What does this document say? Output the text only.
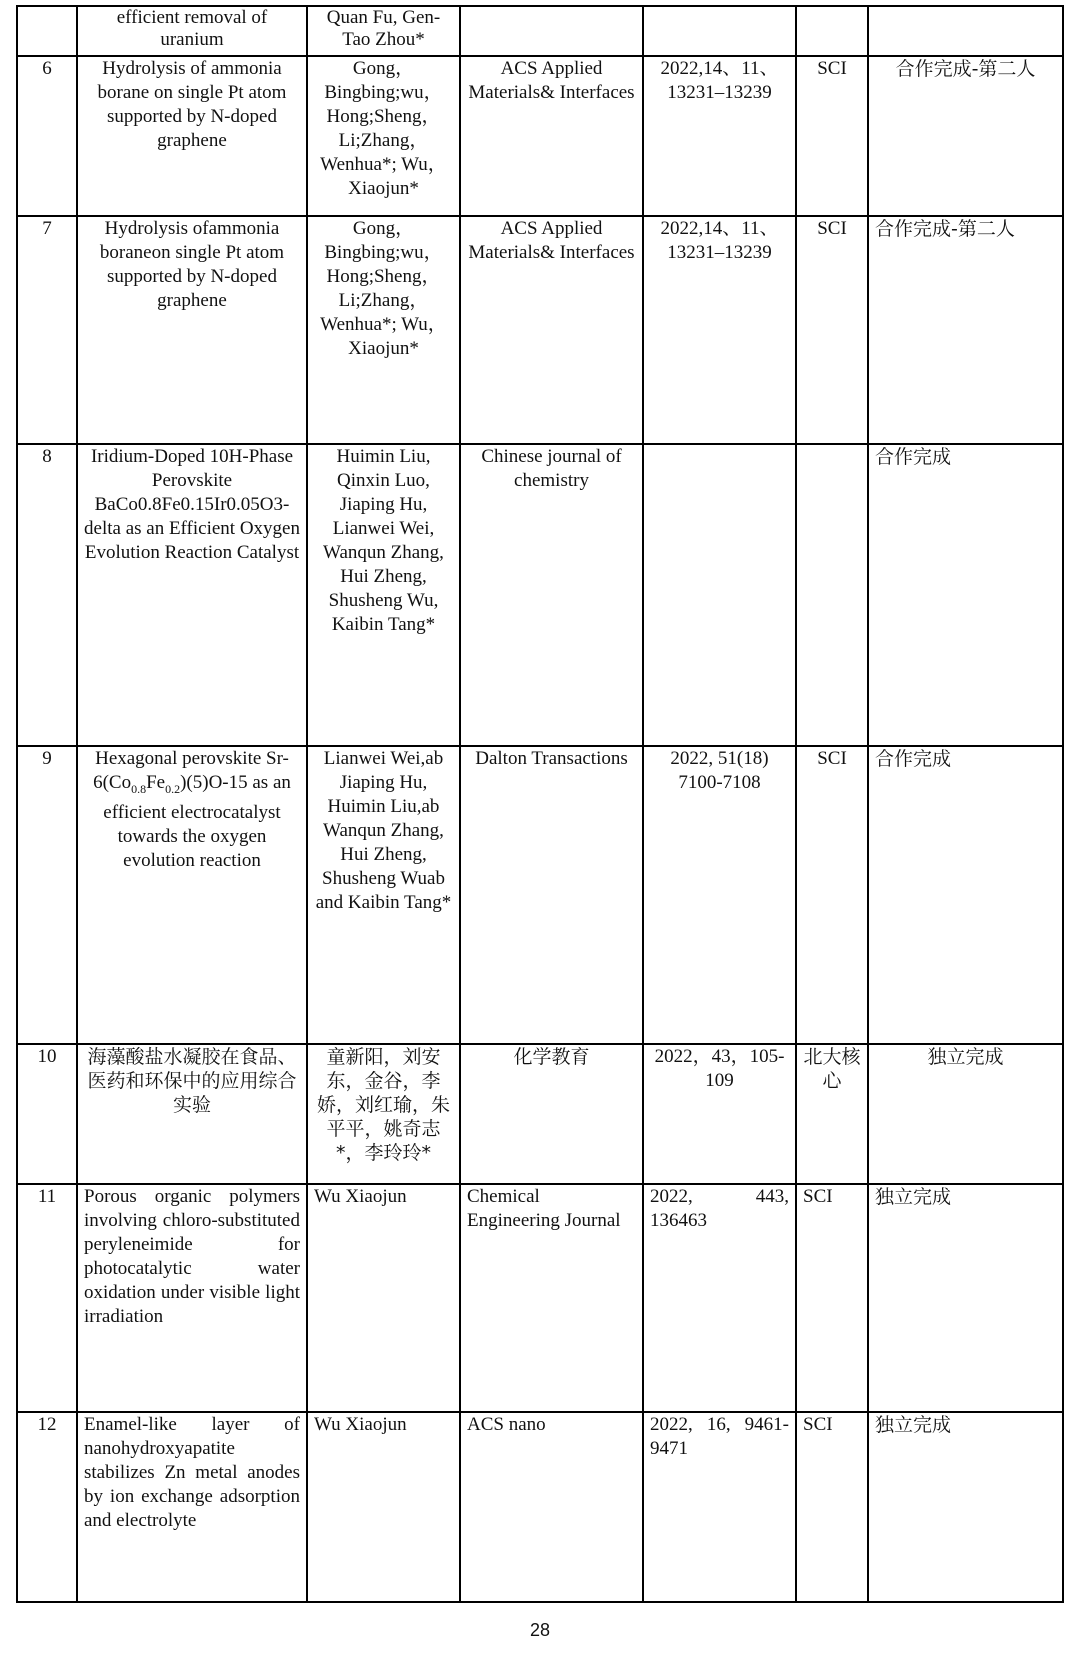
	efficient removal of uranium	Quan Fu, Gen-Tao Zhou*				
6	Hydrolysis of ammonia borane on single Pt atom supported by N-doped graphene	Gong，Bingbing;wu，Hong;Sheng，Li;Zhang，Wenhua*; Wu，Xiaojun*	ACS Applied Materials& Interfaces	2022,14、11、13231–13239	SCI	合作完成-第二人
7	Hydrolysis ofammonia boraneon single Pt atom supported by N-doped graphene	Gong，Bingbing;wu，Hong;Sheng，Li;Zhang，Wenhua*; Wu，Xiaojun*	ACS Applied Materials& Interfaces	2022,14、11、13231–13239	SCI	合作完成-第二人
8	Iridium-Doped 10H-Phase Perovskite BaCo0.8Fe0.15Ir0.05O3-delta as an Efficient Oxygen Evolution Reaction Catalyst	Huimin Liu, Qinxin Luo, Jiaping Hu, Lianwei Wei, Wanqun Zhang, Hui Zheng, Shusheng Wu, Kaibin Tang*	Chinese journal of chemistry			合作完成
9	Hexagonal perovskite $Sr-6(Co_{0.8}Fe_{0.2})(5)O-15$ as an efficient electrocatalyst towards the oxygen evolution reaction	Lianwei Wei,ab Jiaping Hu, Huimin Liu,ab Wanqun Zhang, Hui Zheng, Shusheng Wuab and Kaibin Tang*	Dalton Transactions	2022, 51(18) 7100-7108	SCI	合作完成
10	海藻酸盐水凝胶在食品、医药和环保中的应用综合实验	童新阳，刘安东，金谷，李娇，刘红瑜，朱平平，姚奇志*，李玲玲*	化学教育	2022，43，105-109	北大核心	独立完成
11	Porous organic polymers involving chloro-substituted peryleneimide for photocatalytic water oxidation under visible light irradiation	Wu Xiaojun	Chemical Engineering Journal	2022, 443, 136463	SCI	独立完成
12	Enamel-like layer of nanohydroxyapatite stabilizes Zn metal anodes by ion exchange adsorption and electrolyte	Wu Xiaojun	ACS nano	2022, 16, 9461-9471	SCI	独立完成
28
